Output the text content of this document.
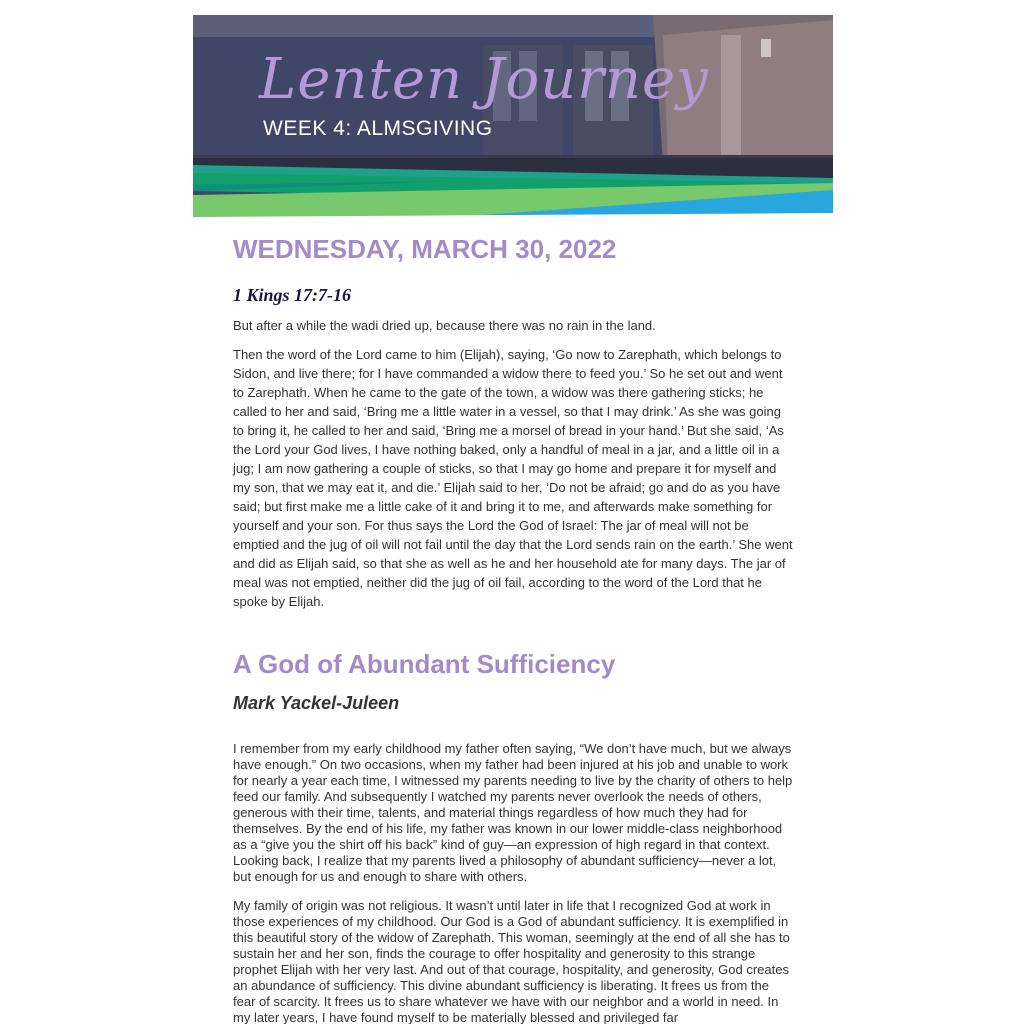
Lenten Journey
WEEK 4: ALMSGIVING
WEDNESDAY, MARCH 30, 2022
1 Kings 17:7-16

But after a while the wadi dried up, because there was no rain in the land.

Then the word of the Lord came to him (Elijah), saying, ‘Go now to Zarephath, which belongs to Sidon, and live there; for I have commanded a widow there to feed you.’ So he set out and went to Zarephath. When he came to the gate of the town, a widow was there gathering sticks; he called to her and said, ‘Bring me a little water in a vessel, so that I may drink.’ As she was going to bring it, he called to her and said, ‘Bring me a morsel of bread in your hand.’ But she said, ‘As the Lord your God lives, I have nothing baked, only a handful of meal in a jar, and a little oil in a jug; I am now gathering a couple of sticks, so that I may go home and prepare it for myself and my son, that we may eat it, and die.’ Elijah said to her, ‘Do not be afraid; go and do as you have said; but first make me a little cake of it and bring it to me, and afterwards make something for yourself and your son. For thus says the Lord the God of Israel: The jar of meal will not be emptied and the jug of oil will not fail until the day that the Lord sends rain on the earth.’ She went and did as Elijah said, so that she as well as he and her household ate for many days. The jar of meal was not emptied, neither did the jug of oil fail, according to the word of the Lord that he spoke by Elijah.

A God of Abundant Sufficiency
Mark Yackel-Juleen

I remember from my early childhood my father often saying, “We don’t have much, but we always have enough.” On two occasions, when my father had been injured at his job and unable to work for nearly a year each time, I witnessed my parents needing to live by the charity of others to help feed our family. And subsequently I watched my parents never overlook the needs of others, generous with their time, talents, and material things regardless of how much they had for themselves. By the end of his life, my father was known in our lower middle-class neighborhood as a “give you the shirt off his back” kind of guy—an expression of high regard in that context. Looking back, I realize that my parents lived a philosophy of abundant sufficiency—never a lot, but enough for us and enough to share with others.

My family of origin was not religious. It wasn’t until later in life that I recognized God at work in those experiences of my childhood. Our God is a God of abundant sufficiency. It is exemplified in this beautiful story of the widow of Zarephath. This woman, seemingly at the end of all she has to sustain her and her son, finds the courage to offer hospitality and generosity to this strange prophet Elijah with her very last. And out of that courage, hospitality, and generosity, God creates an abundance of sufficiency. This divine abundant sufficiency is liberating. It frees us from the fear of scarcity. It frees us to share whatever we have with our neighbor and a world in need. In my later years, I have found myself to be materially blessed and privileged far
